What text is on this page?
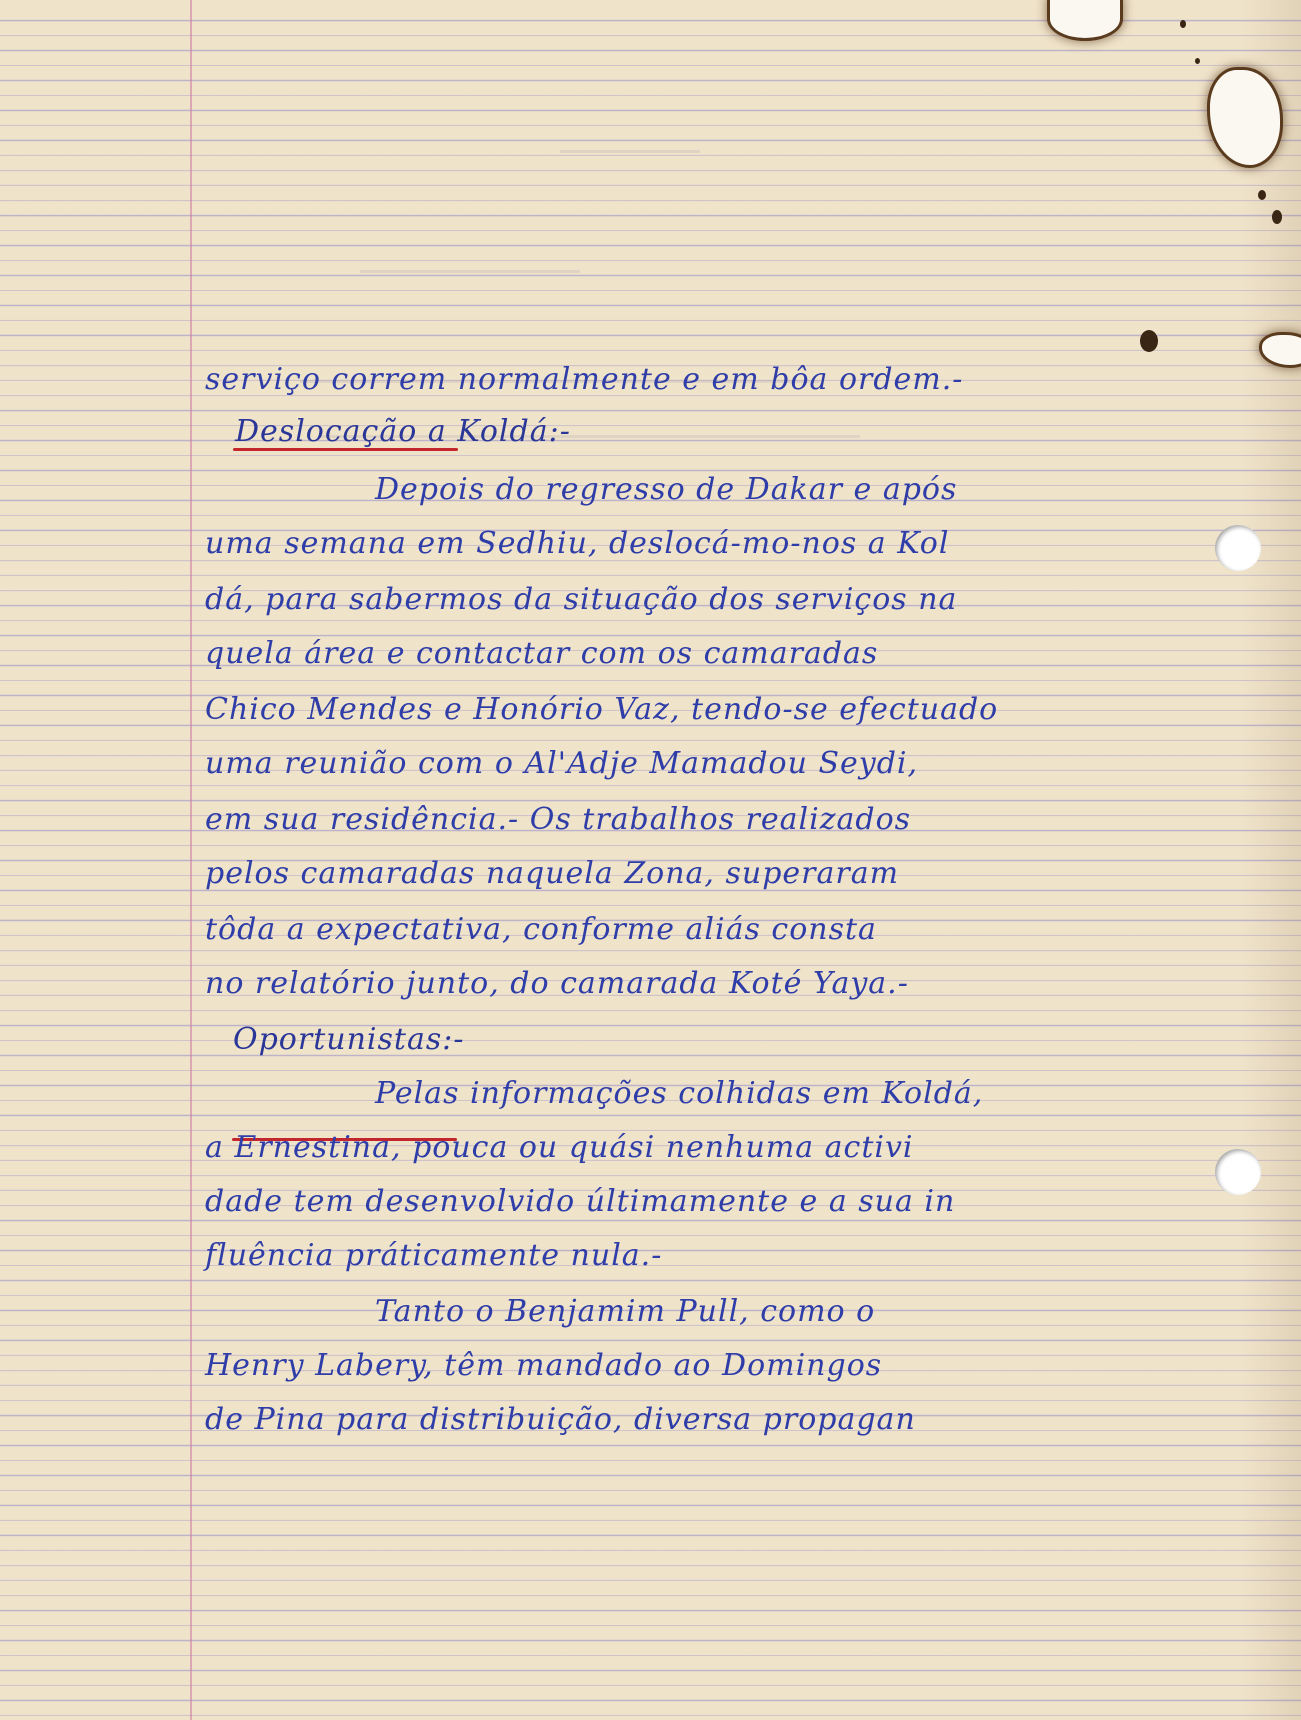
serviço correm normalmente e em bôa ordem.-
Deslocação a Koldá:-
Depois do regresso de Dakar e após
uma semana em Sedhiu, deslocá-mo-nos a Kol
dá, para sabermos da situação dos serviços na
quela área e contactar com os camaradas
Chico Mendes e Honório Vaz, tendo-se efectuado
uma reunião com o Al'Adje Mamadou Seydi,
em sua residência.- Os trabalhos realizados
pelos camaradas naquela Zona, superaram
tôda a expectativa, conforme aliás consta
no relatório junto, do camarada Koté Yaya.-
Oportunistas:-
Pelas informações colhidas em Koldá,
a Ernestina, pouca ou quási nenhuma activi
dade tem desenvolvido últimamente e a sua in
fluência práticamente nula.-
Tanto o Benjamim Pull, como o
Henry Labery, têm mandado ao Domingos
de Pina para distribuição, diversa propagan
